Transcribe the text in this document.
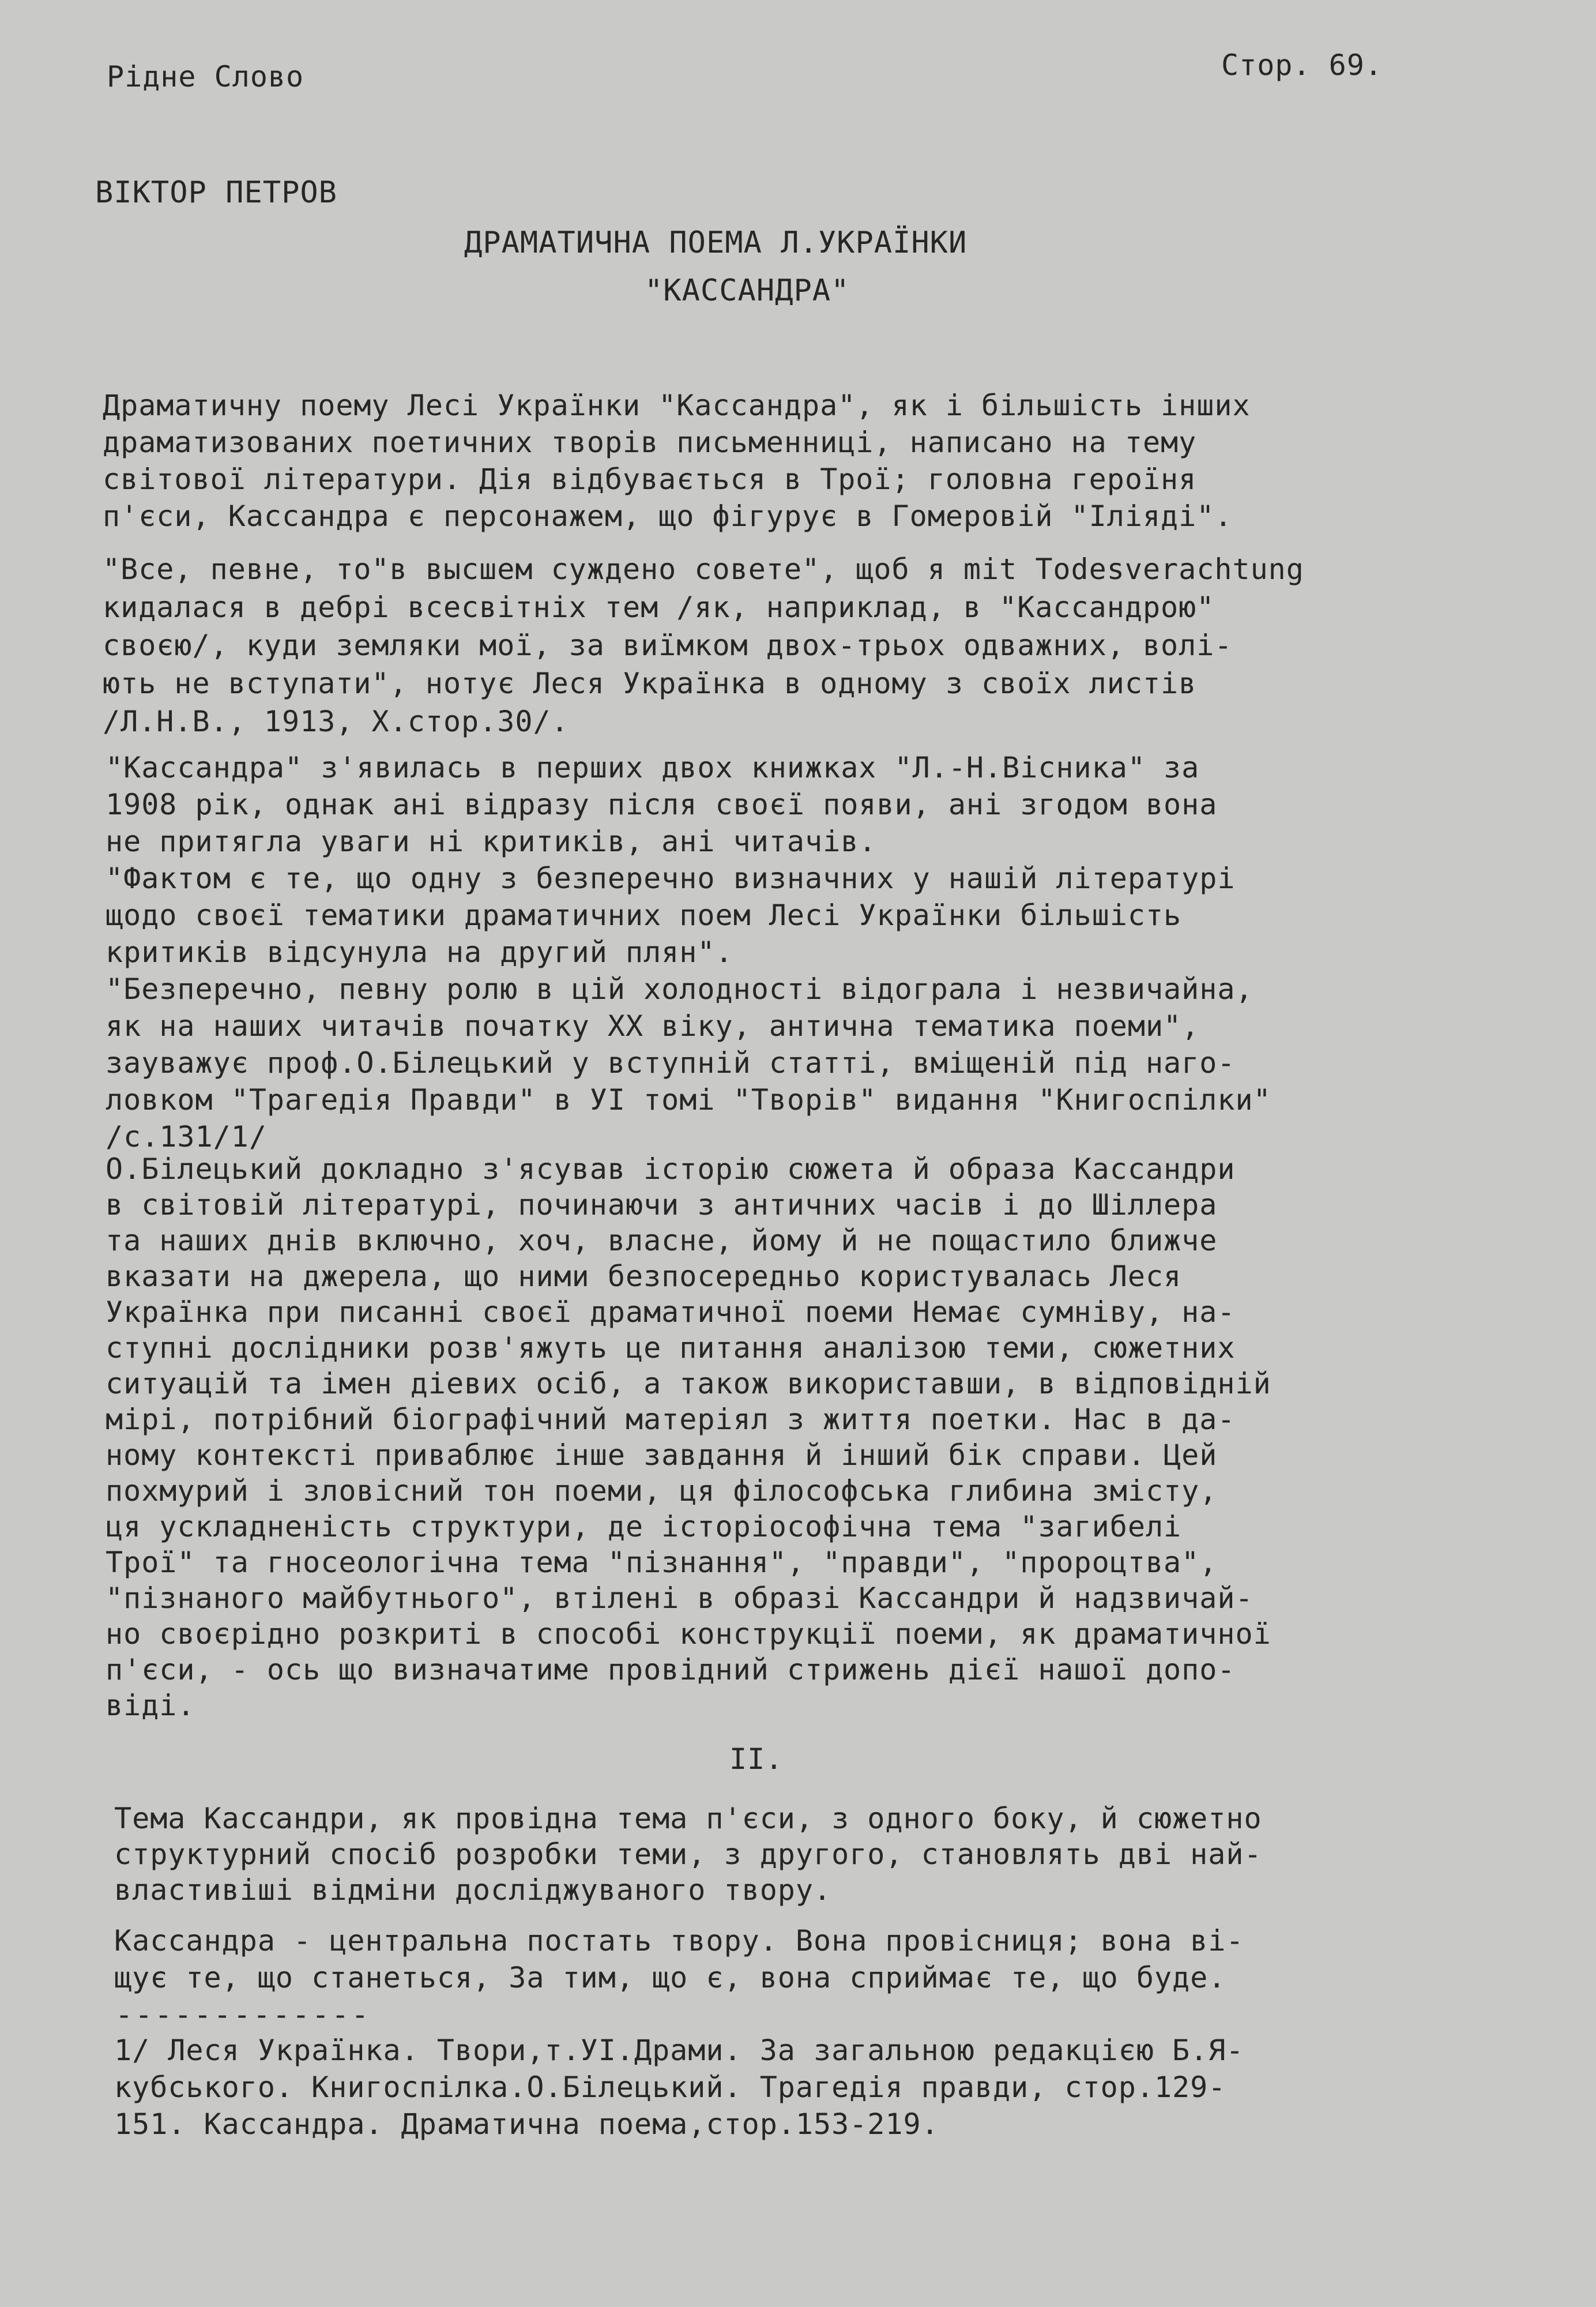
Рідне Слово	Стор. 69.
ВІКТОР ПЕТРОВ
ДРАМАТИЧНА ПОЕМА Л.УКРАЇНКИ
"КАССАНДРА"
Драматичну поему Лесі Українки "Кассандра", як і більшість інших
драматизованих поетичних творів письменниці, написано на тему
світової літератури. Дія відбувається в Трої; головна героїня
п'єси, Кассандра є персонажем, що фігурує в Гомеровій "Іліяді".
"Все, певне, то"в высшем суждено совете", щоб я mit Todesverachtung
кидалася в дебрі всесвітніх тем /як, наприклад, в "Кассандрою"
своєю/, куди земляки мої, за виїмком двох-трьох одважних, волі-
ють не вступати", нотує Леся Українка в одному з своїх листів
/Л.Н.В., 1913, Х.стор.30/.
"Кассандра" з'явилась в перших двох книжках "Л.-Н.Вісника" за
1908 рік, однак ані відразу після своєї появи, ані згодом вона
не притягла уваги ні критиків, ані читачів.
"Фактом є те, що одну з безперечно визначних у нашій літературі
щодо своєї тематики драматичних поем Лесі Українки більшість
критиків відсунула на другий плян".
"Безперечно, певну ролю в цій холодності відограла і незвичайна,
як на наших читачів початку ХХ віку, антична тематика поеми",
зауважує проф.О.Білецький у вступній статті, вміщеній під наго-
ловком "Трагедія Правди" в УІ томі "Творів" видання "Книгоспілки"
/с.131/1/
О.Білецький докладно з'ясував історію сюжета й образа Кассандри
в світовій літературі, починаючи з античних часів і до Шіллера
та наших днів включно, хоч, власне, йому й не пощастило ближче
вказати на джерела, що ними безпосередньо користувалась Леся
Українка при писанні своєї драматичної поеми Немає сумніву, на-
ступні дослідники розв'яжуть це питання аналізою теми, сюжетних
ситуацій та імен діевих осіб, а також використавши, в відповідній
мірі, потрібний біографічний матеріял з життя поетки. Нас в да-
ному контексті приваблює інше завдання й інший бік справи. Цей
похмурий і зловісний тон поеми, ця філософська глибина змісту,
ця ускладненість структури, де історіософічна тема "загибелі
Трої" та гносеологічна тема "пізнання", "правди", "пророцтва",
"пізнаного майбутнього", втілені в образі Кассандри й надзвичай-
но своєрідно розкриті в способі конструкції поеми, як драматичної
п'єси, - ось що визначатиме провідний стрижень дієї нашої допо-
віді.
II.
Тема Кассандри, як провідна тема п'єси, з одного боку, й сюжетно
структурний спосіб розробки теми, з другого, становлять дві най-
властивіші відміни досліджуваного твору.
Кассандра - центральна постать твору. Вона провісниця; вона ві-
щує те, що станеться, За тим, що є, вона сприймає те, що буде.
-------------
1/ Леся Українка. Твори,т.УІ.Драми. За загальною редакцією Б.Я-
кубського. Книгоспілка.О.Білецький. Трагедія правди, стор.129-
151. Кассандра. Драматична поема,стор.153-219.
